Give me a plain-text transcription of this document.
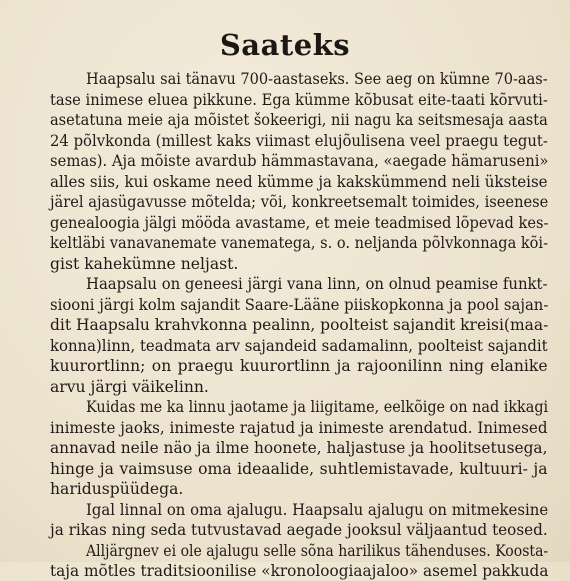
Saateks
Haapsalu sai tänavu 700-aastaseks. See aeg on kümne 70-aas-
tase inimese eluea pikkune. Ega kümme kõbusat eite-taati kõrvuti-
asetatuna meie aja mõistet šokeerigi, nii nagu ka seitsmesaja aasta
24 põlvkonda (millest kaks viimast elujõulisena veel praegu tegut-
semas). Aja mõiste avardub hämmastavana, «aegade hämaruseni»
alles siis, kui oskame need kümme ja kakskümmend neli üksteise
järel ajasügavusse mõtelda; või, konkreetsemalt toimides, iseenese
genealoogia jälgi mööda avastame, et meie teadmised lõpevad kes-
keltläbi vanavanemate vanematega, s. o. neljanda põlvkonnaga kõi-
gist kahekümne neljast.
Haapsalu on geneesi järgi vana linn, on olnud peamise funkt-
siooni järgi kolm sajandit Saare-Lääne piiskopkonna ja pool sajan-
dit Haapsalu krahvkonna pealinn, poolteist sajandit kreisi(maa-
konna)linn, teadmata arv sajandeid sadamalinn, poolteist sajandit
kuurortlinn; on praegu kuurortlinn ja rajoonilinn ning elanike
arvu järgi väikelinn.
Kuidas me ka linnu jaotame ja liigitame, eelkõige on nad ikkagi
inimeste jaoks, inimeste rajatud ja inimeste arendatud. Inimesed
annavad neile näo ja ilme hoonete, haljastuse ja hoolitsetusega,
hinge ja vaimsuse oma ideaalide, suhtlemistavade, kultuuri- ja
hariduspüüdega.
Igal linnal on oma ajalugu. Haapsalu ajalugu on mitmekesine
ja rikas ning seda tutvustavad aegade jooksul väljaantud teosed.
Alljärgnev ei ole ajalugu selle sõna harilikus tähenduses. Koosta-
taja mõtles traditsioonilise «kronoloogiaajaloo» asemel pakkuda
